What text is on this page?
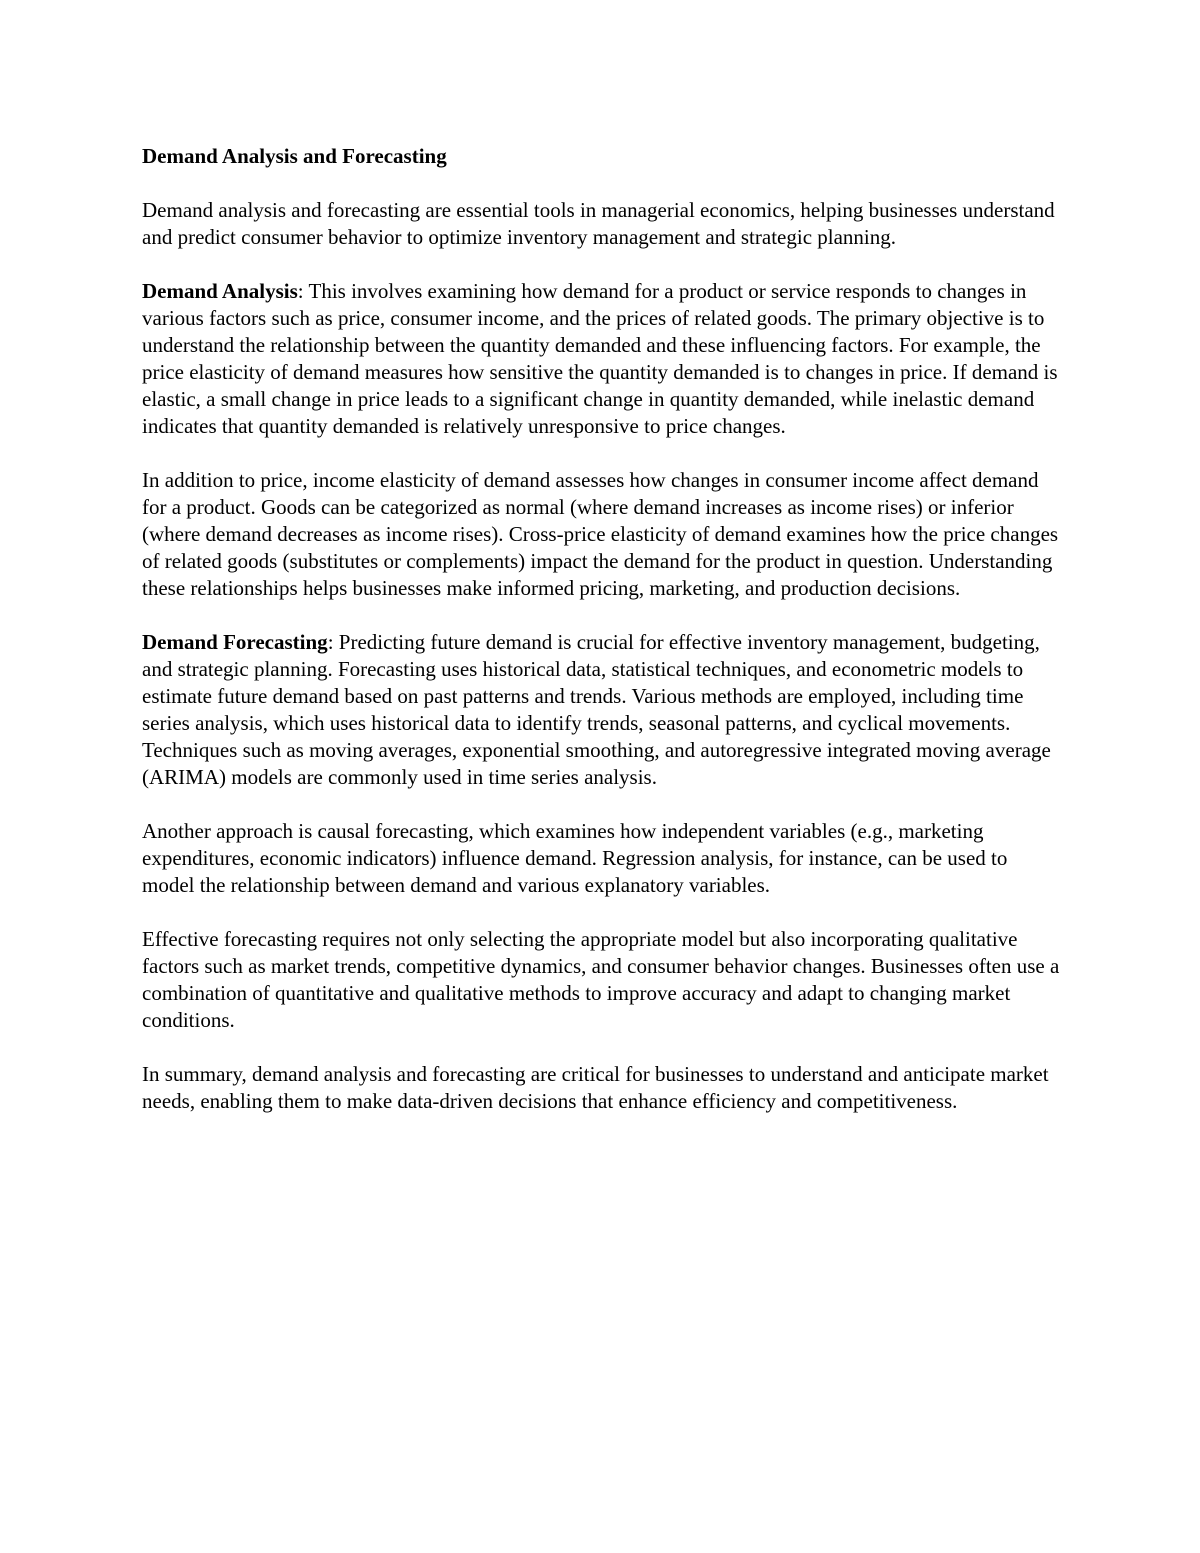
Demand Analysis and Forecasting

Demand analysis and forecasting are essential tools in managerial economics, helping businesses understand and predict consumer behavior to optimize inventory management and strategic planning.

Demand Analysis: This involves examining how demand for a product or service responds to changes in various factors such as price, consumer income, and the prices of related goods. The primary objective is to understand the relationship between the quantity demanded and these influencing factors. For example, the price elasticity of demand measures how sensitive the quantity demanded is to changes in price. If demand is elastic, a small change in price leads to a significant change in quantity demanded, while inelastic demand indicates that quantity demanded is relatively unresponsive to price changes.

In addition to price, income elasticity of demand assesses how changes in consumer income affect demand for a product. Goods can be categorized as normal (where demand increases as income rises) or inferior (where demand decreases as income rises). Cross-price elasticity of demand examines how the price changes of related goods (substitutes or complements) impact the demand for the product in question. Understanding these relationships helps businesses make informed pricing, marketing, and production decisions.

Demand Forecasting: Predicting future demand is crucial for effective inventory management, budgeting, and strategic planning. Forecasting uses historical data, statistical techniques, and econometric models to estimate future demand based on past patterns and trends. Various methods are employed, including time series analysis, which uses historical data to identify trends, seasonal patterns, and cyclical movements. Techniques such as moving averages, exponential smoothing, and autoregressive integrated moving average (ARIMA) models are commonly used in time series analysis.

Another approach is causal forecasting, which examines how independent variables (e.g., marketing expenditures, economic indicators) influence demand. Regression analysis, for instance, can be used to model the relationship between demand and various explanatory variables.

Effective forecasting requires not only selecting the appropriate model but also incorporating qualitative factors such as market trends, competitive dynamics, and consumer behavior changes. Businesses often use a combination of quantitative and qualitative methods to improve accuracy and adapt to changing market conditions.

In summary, demand analysis and forecasting are critical for businesses to understand and anticipate market needs, enabling them to make data-driven decisions that enhance efficiency and competitiveness.
